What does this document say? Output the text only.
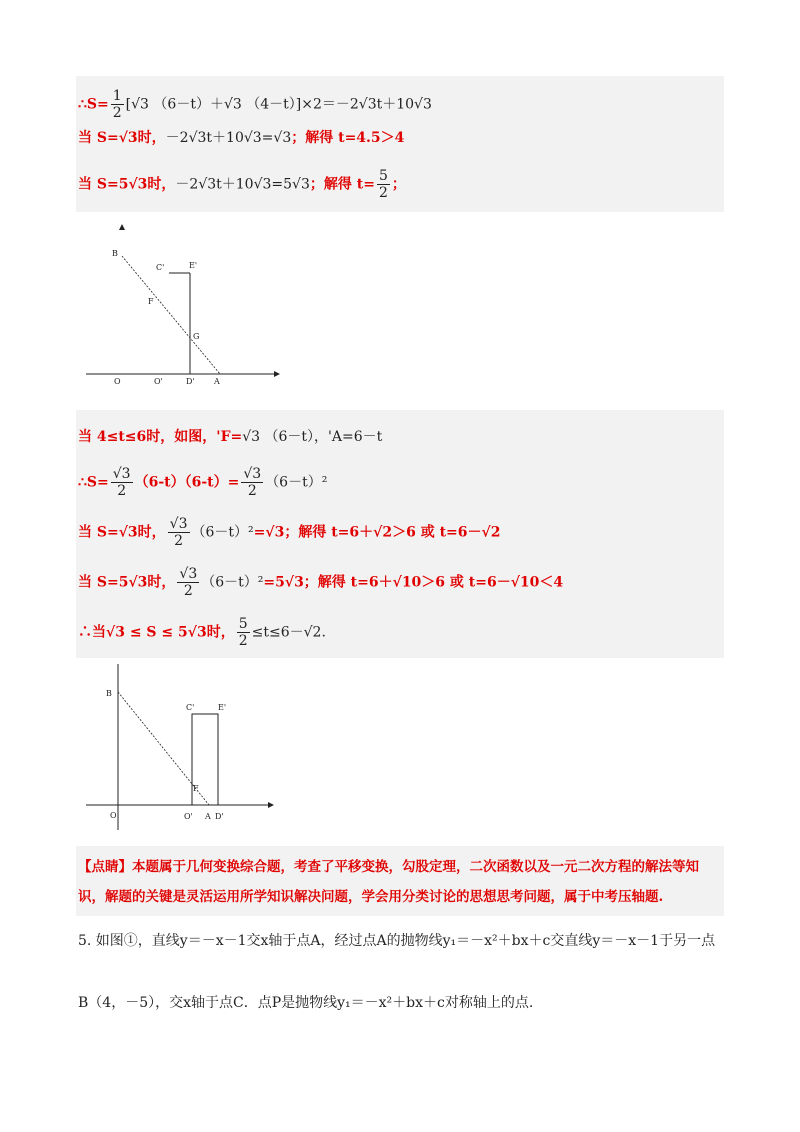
∴S= $\frac{1}{2} [√3$ （6－t）＋√3 （4－t）]×2＝－2√3t＋10√3
当 S=√3时，－2√3t＋10√3=√3；解得 t=4.5＞4
当 S=5√3时，－2√3t＋10√3=5√3；解得 $t= \frac{5}{2}$ ；
B
C'	E'
F
G
O	O'	D' A
当 4≤t≤6时，如图，'F=√3 （6－t），'A=6－t
∴S= $\frac{√3}{2} (6-t)(6-t)= \frac{√3}{2} (6-t)^2$
当 S=√3时， $\frac{√3}{2} (6-t)^2=√3$；解得 t=6＋√2＞6 或 t=6－√2
当 S=5√3时， $\frac{√3}{2} (6-t)^2=5√3$；解得 t=6＋√10＞6 或 t=6－√10＜4
∴当√3 ≤ S ≤ 5√3时， $\frac{5}{2} \le t\le 6-√2$.
B
C'	E'
F
O	O' A D'
【点睛】本题属于几何变换综合题，考查了平移变换，勾股定理，二次函数以及一元二次方程的解法等知识，解题的关键是灵活运用所学知识解决问题，学会用分类讨论的思想思考问题，属于中考压轴题.
5. 如图①，直线y＝－x－1交x轴于点A，经过点A的抛物线y₁＝－x²＋bx＋c交直线y＝－x－1于另一点
B（4，－5），交x轴于点C．点P是抛物线y₁＝－x²＋bx＋c对称轴上的点.
